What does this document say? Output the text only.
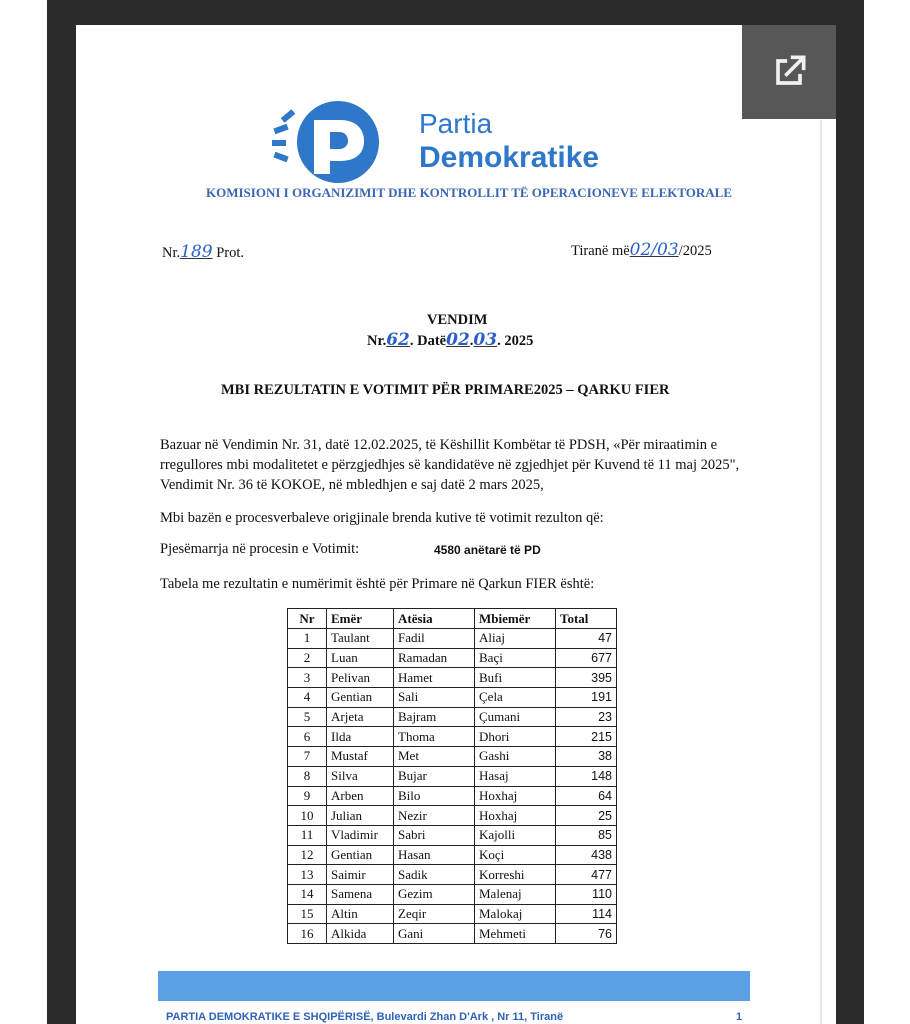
Partia
Demokratike
KOMISIONI I ORGANIZIMIT DHE KONTROLLIT TË OPERACIONEVE ELEKTORALE
Nr.189 Prot.	Tiranë më02/03/2025
VENDIM
Nr.62. Datë02.03. 2025
MBI REZULTATIN E VOTIMIT PËR PRIMARE2025 – QARKU FIER
Bazuar në Vendimin Nr. 31, datë 12.02.2025, të Këshillit Kombëtar të PDSH, «Për miraatimin e rregullores mbi modalitetet e përzgjedhjes së kandidatëve në zgjedhjet për Kuvend të 11 maj 2025", Vendimit Nr. 36 të KOKOE, në mbledhjen e saj datë 2 mars 2025,
Mbi bazën e procesverbaleve origjinale brenda kutive të votimit rezulton që:
Pjesëmarrja në procesin e Votimit:	4580 anëtarë të PD
Tabela me rezultatin e numërimit është për Primare në Qarkun FIER është:
Nr	Emër	Atësia	Mbiemër	Total
1	Taulant	Fadil	Aliaj	47
2	Luan	Ramadan	Baçi	677
3	Pelivan	Hamet	Bufi	395
4	Gentian	Sali	Çela	191
5	Arjeta	Bajram	Çumani	23
6	Ilda	Thoma	Dhori	215
7	Mustaf	Met	Gashi	38
8	Silva	Bujar	Hasaj	148
9	Arben	Bilo	Hoxhaj	64
10	Julian	Nezir	Hoxhaj	25
11	Vladimir	Sabri	Kajolli	85
12	Gentian	Hasan	Koçi	438
13	Saimir	Sadik	Korreshi	477
14	Samena	Gezim	Malenaj	110
15	Altin	Zeqir	Malokaj	114
16	Alkida	Gani	Mehmeti	76
PARTIA DEMOKRATIKE E SHQIPËRISË, Bulevardi Zhan D'Ark , Nr 11, Tiranë	1
